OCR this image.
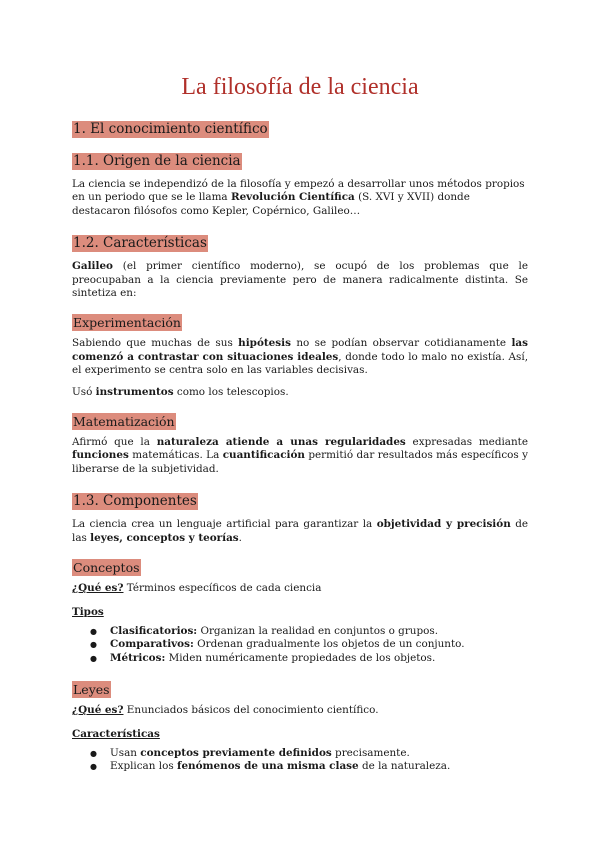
La filosofía de la ciencia
1. El conocimiento científico
1.1. Origen de la ciencia

La ciencia se independizó de la filosofía y empezó a desarrollar unos métodos propios en un periodo que se le llama Revolución Científica (S. XVI y XVII) donde destacaron filósofos como Kepler, Copérnico, Galileo…

1.2. Características

Galileo (el primer científico moderno), se ocupó de los problemas que le preocupaban a la ciencia previamente pero de manera radicalmente distinta. Se sintetiza en:

Experimentación

Sabiendo que muchas de sus hipótesis no se podían observar cotidianamente las comenzó a contrastar con situaciones ideales, donde todo lo malo no existía. Así, el experimento se centra solo en las variables decisivas.

Usó instrumentos como los telescopios.

Matematización

Afirmó que la naturaleza atiende a unas regularidades expresadas mediante funciones matemáticas. La cuantificación permitió dar resultados más específicos y liberarse de la subjetividad.

1.3. Componentes

La ciencia crea un lenguaje artificial para garantizar la objetividad y precisión de las leyes, conceptos y teorías.

Conceptos

¿Qué es? Términos específicos de cada ciencia

Tipos

● Clasificatorios: Organizan la realidad en conjuntos o grupos.
● Comparativos: Ordenan gradualmente los objetos de un conjunto.
● Métricos: Miden numéricamente propiedades de los objetos.
Leyes

¿Qué es? Enunciados básicos del conocimiento científico.

Características

● Usan conceptos previamente definidos precisamente.
● Explican los fenómenos de una misma clase de la naturaleza.
